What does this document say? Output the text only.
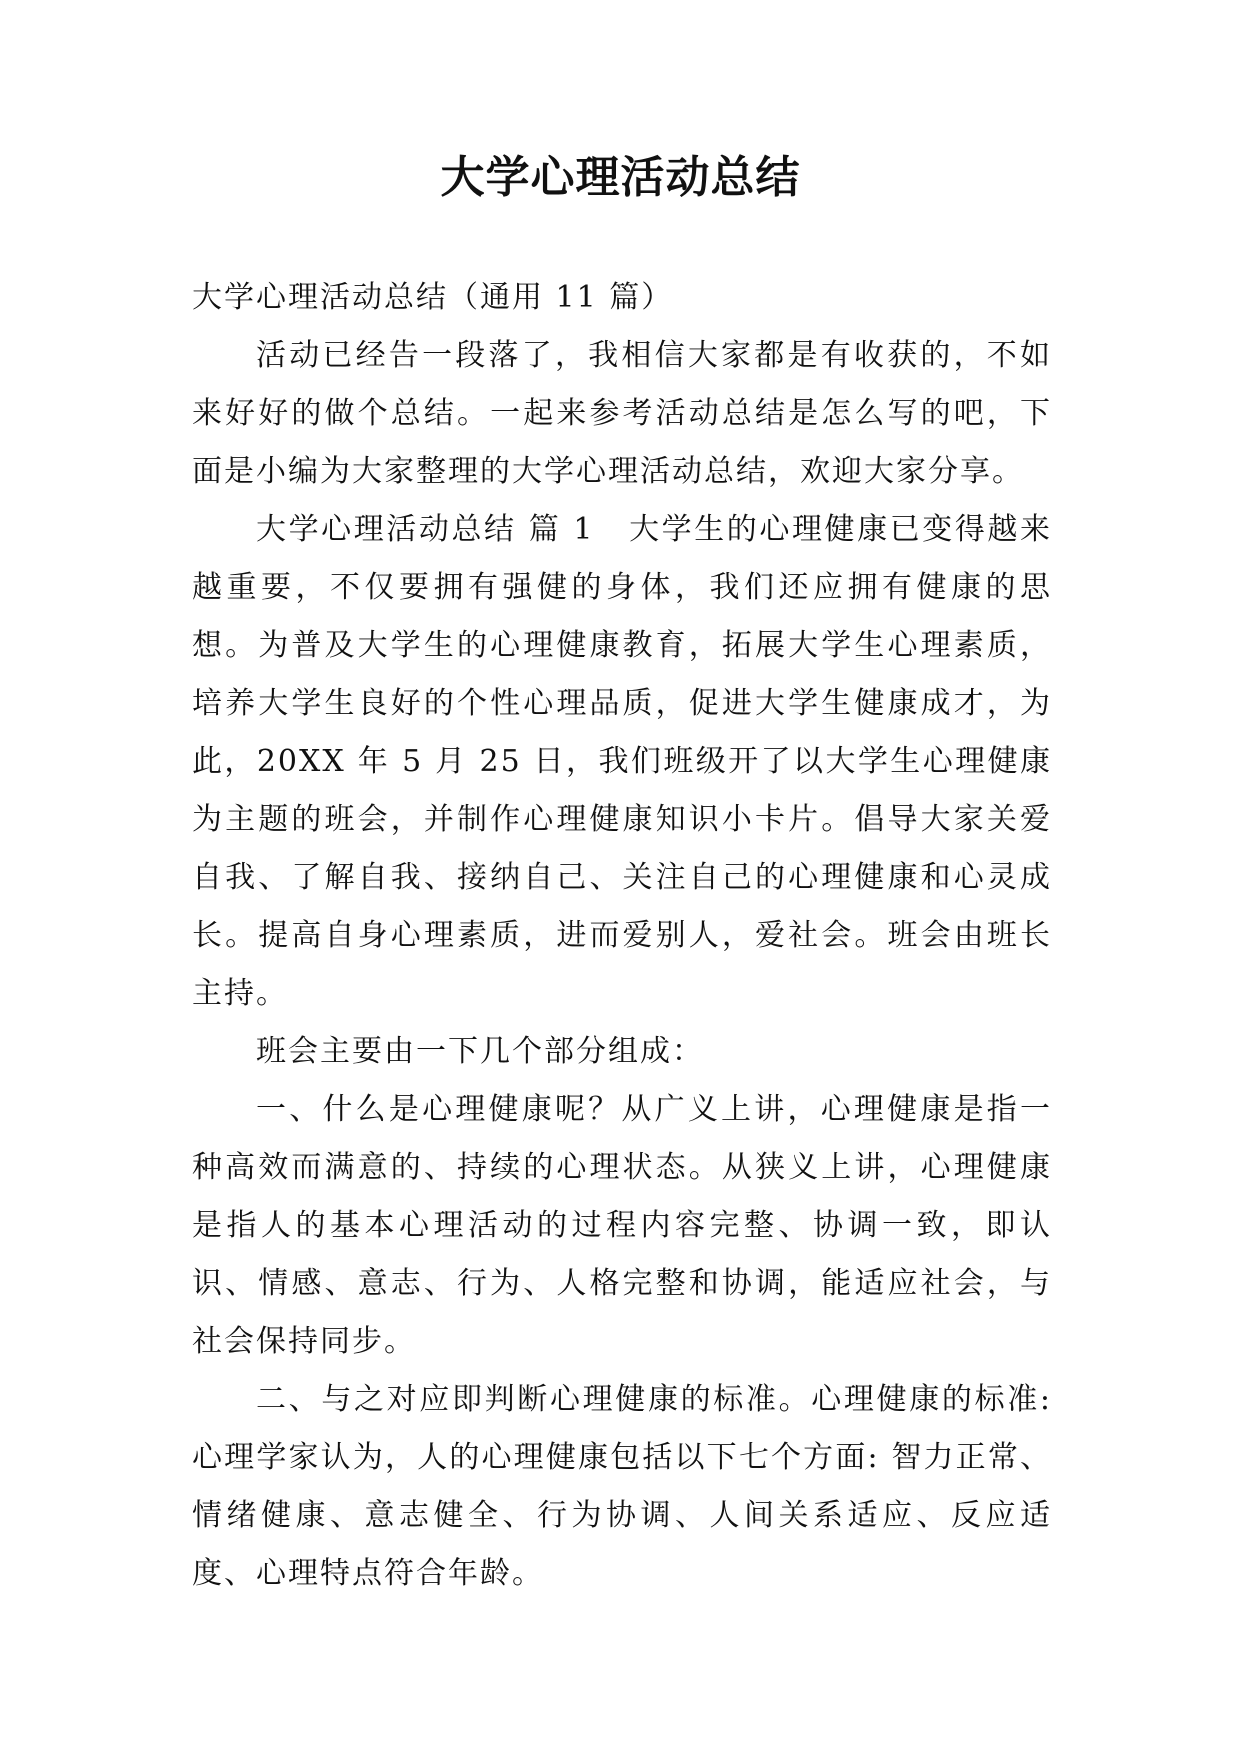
大学心理活动总结

大学心理活动总结（通用 11 篇）

活动已经告一段落了，我相信大家都是有收获的，不如来好好的做个总结。一起来参考活动总结是怎么写的吧，下面是小编为大家整理的大学心理活动总结，欢迎大家分享。

大学心理活动总结 篇 1 大学生的心理健康已变得越来越重要，不仅要拥有强健的身体，我们还应拥有健康的思想。为普及大学生的心理健康教育，拓展大学生心理素质，培养大学生良好的个性心理品质，促进大学生健康成才，为此，20XX 年 5 月 25 日，我们班级开了以大学生心理健康为主题的班会，并制作心理健康知识小卡片。倡导大家关爱自我、了解自我、接纳自己、关注自己的心理健康和心灵成长。提高自身心理素质，进而爱别人，爱社会。班会由班长主持。

班会主要由一下几个部分组成：

一、什么是心理健康呢？从广义上讲，心理健康是指一种高效而满意的、持续的心理状态。从狭义上讲，心理健康是指人的基本心理活动的过程内容完整、协调一致，即认识、情感、意志、行为、人格完整和协调，能适应社会，与社会保持同步。

二、与之对应即判断心理健康的标准。心理健康的标准:心理学家认为，人的心理健康包括以下七个方面: 智力正常、情绪健康、意志健全、行为协调、人间关系适应、反应适度、心理特点符合年龄。
